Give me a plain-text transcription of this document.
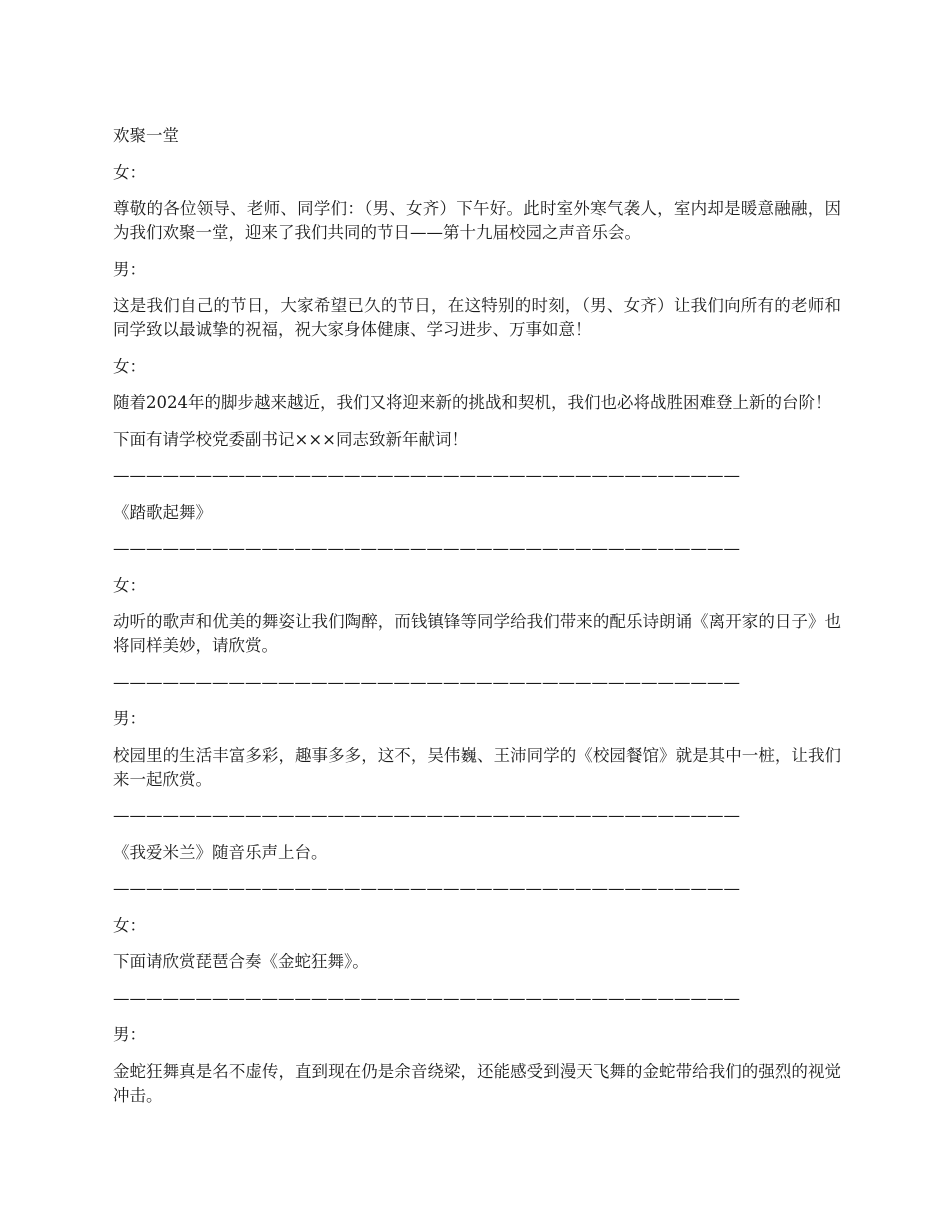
欢聚一堂
女：
尊敬的各位领导、老师、同学们：（男、女齐）下午好。此时室外寒气袭人，室内却是暖意融融，因为我们欢聚一堂，迎来了我们共同的节日——第十九届校园之声音乐会。
男：
这是我们自己的节日，大家希望已久的节日，在这特别的时刻，（男、女齐）让我们向所有的老师和同学致以最诚挚的祝福，祝大家身体健康、学习进步、万事如意！
女：
随着2024年的脚步越来越近，我们又将迎来新的挑战和契机，我们也必将战胜困难登上新的台阶！
下面有请学校党委副书记×××同志致新年献词！
——————————————————————————————————————
《踏歌起舞》
——————————————————————————————————————
女：
动听的歌声和优美的舞姿让我们陶醉，而钱镇锋等同学给我们带来的配乐诗朗诵《离开家的日子》也将同样美妙，请欣赏。
——————————————————————————————————————
男：
校园里的生活丰富多彩，趣事多多，这不，吴伟巍、王沛同学的《校园餐馆》就是其中一桩，让我们来一起欣赏。
——————————————————————————————————————
《我爱米兰》随音乐声上台。
——————————————————————————————————————
女：
下面请欣赏琵琶合奏《金蛇狂舞》。
——————————————————————————————————————
男：
金蛇狂舞真是名不虚传，直到现在仍是余音绕梁，还能感受到漫天飞舞的金蛇带给我们的强烈的视觉冲击。
